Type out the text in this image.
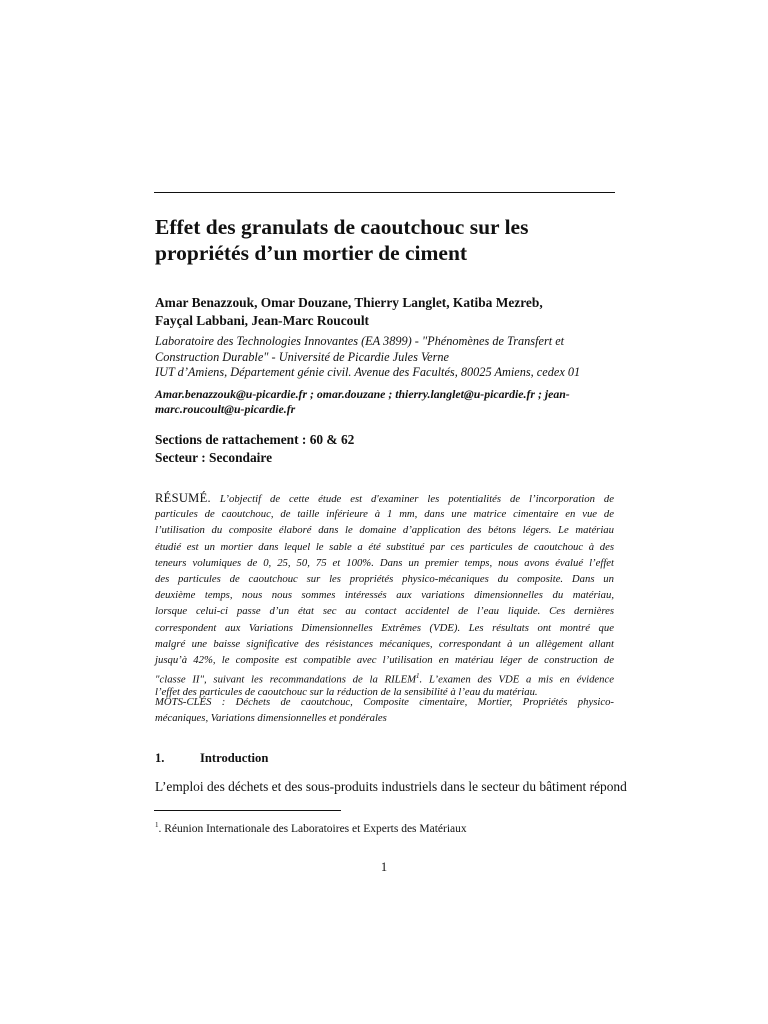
Effet des granulats de caoutchouc sur les
propriétés d’un mortier de ciment
Amar Benazzouk, Omar Douzane, Thierry Langlet, Katiba Mezreb,
Fayçal Labbani, Jean-Marc Roucoult
Laboratoire des Technologies Innovantes (EA 3899) - "Phénomènes de Transfert et
Construction Durable" - Université de Picardie Jules Verne
IUT d’Amiens, Département génie civil. Avenue des Facultés, 80025 Amiens, cedex 01
Amar.benazzouk@u-picardie.fr ; omar.douzane ; thierry.langlet@u-picardie.fr ; jean-
marc.roucoult@u-picardie.fr
Sections de rattachement : 60 & 62
Secteur : Secondaire
RÉSUMÉ. L’objectif de cette étude est d'examiner les potentialités de l’incorporation de
particules de caoutchouc, de taille inférieure à 1 mm, dans une matrice cimentaire en vue de
l’utilisation du composite élaboré dans le domaine d’application des bétons légers. Le matériau
étudié est un mortier dans lequel le sable a été substitué par ces particules de caoutchouc à des
teneurs volumiques de 0, 25, 50, 75 et 100%. Dans un premier temps, nous avons évalué l’effet
des particules de caoutchouc sur les propriétés physico-mécaniques du composite. Dans un
deuxième temps, nous nous sommes intéressés aux variations dimensionnelles du matériau,
lorsque celui-ci passe d’un état sec au contact accidentel de l’eau liquide. Ces dernières
correspondent aux Variations Dimensionnelles Extrêmes (VDE). Les résultats ont montré que
malgré une baisse significative des résistances mécaniques, correspondant à un allègement allant
jusqu’à 42%, le composite est compatible avec l’utilisation en matériau léger de construction de
"classe II", suivant les recommandations de la RILEM$^1$. L’examen des VDE a mis en évidence
l’effet des particules de caoutchouc sur la réduction de la sensibilité à l’eau du matériau.
MOTS-CLÉS : Déchets de caoutchouc, Composite cimentaire, Mortier, Propriétés physico-
mécaniques, Variations dimensionnelles et pondérales
1.	Introduction
L’emploi des déchets et des sous-produits industriels dans le secteur du bâtiment répond
$^1$. Réunion Internationale des Laboratoires et Experts des Matériaux
1
